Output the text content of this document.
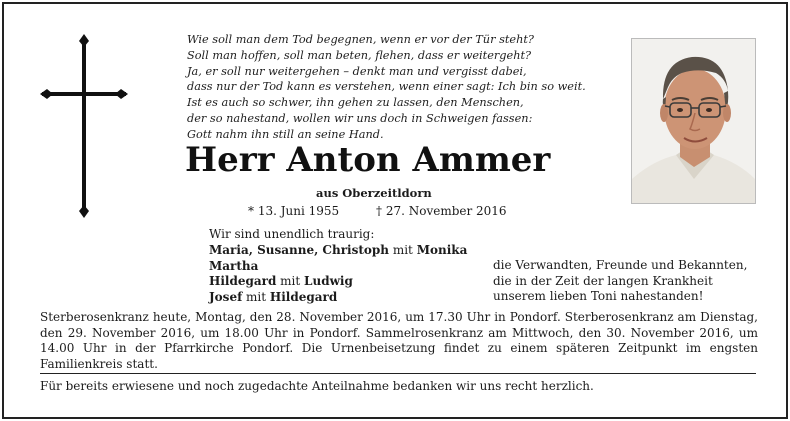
Wie soll man dem Tod begegnen, wenn er vor der Tür steht?
Soll man hoffen, soll man beten, flehen, dass er weitergeht?
Ja, er soll nur weitergehen – denkt man und vergisst dabei,
dass nur der Tod kann es verstehen, wenn einer sagt: Ich bin so weit.
Ist es auch so schwer, ihn gehen zu lassen, den Menschen,
der so nahestand, wollen wir uns doch in Schweigen fassen:
Gott nahm ihn still an seine Hand.
Herr Anton Ammer
aus Oberzeitldorn
* 13. Juni 1955	† 27. November 2016
Wir sind unendlich traurig:
Maria, Susanne, Christoph mit Monika
Martha
Hildegard mit Ludwig
Josef mit Hildegard
die Verwandten, Freunde und Bekannten,
die in der Zeit der langen Krankheit
unserem lieben Toni nahestanden!
Sterberosenkranz heute, Montag, den 28. November 2016, um 17.30 Uhr in Pondorf. Sterberosenkranz am Dienstag, den 29. November 2016, um 18.00 Uhr in Pondorf. Sammelrosenkranz am Mittwoch, den 30. November 2016, um 14.00 Uhr in der Pfarrkirche Pondorf. Die Urnenbeisetzung findet zu einem späteren Zeitpunkt im engsten Familienkreis statt.
Für bereits erwiesene und noch zugedachte Anteilnahme bedanken wir uns recht herzlich.
